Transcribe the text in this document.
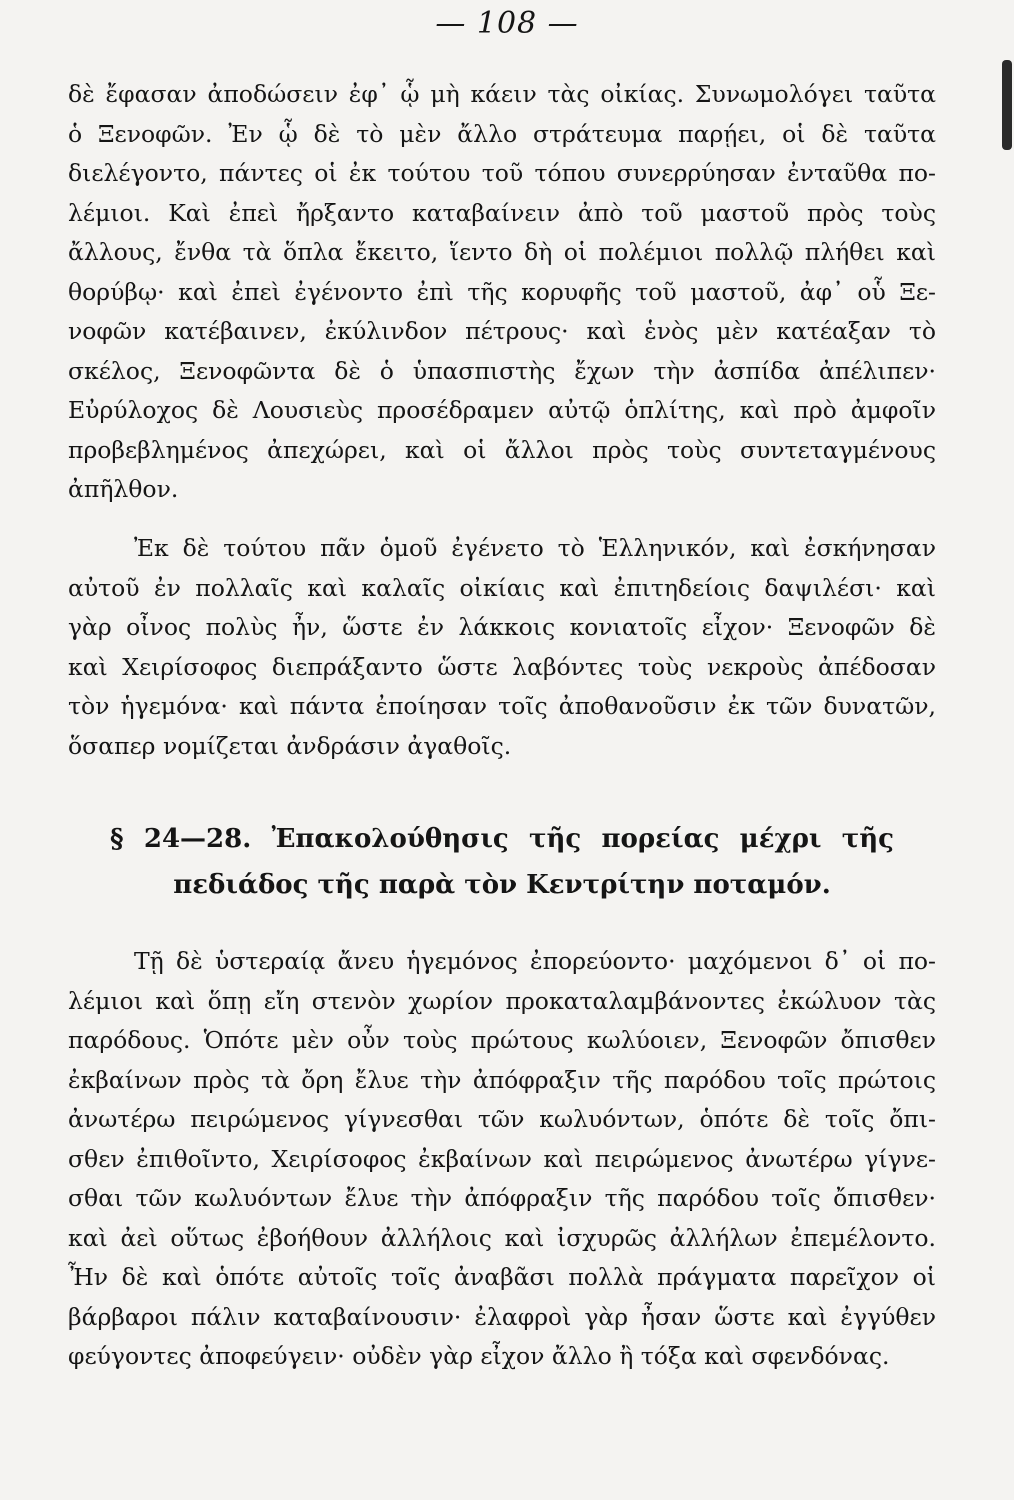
— 108 —
δὲ ἔφασαν ἀποδώσειν ἐφ᾽ ᾧ μὴ κάειν τὰς οἰκίας. Συνωμολόγει ταῦτα
ὁ Ξενοφῶν. Ἐν ᾧ δὲ τὸ μὲν ἄλλο στράτευμα παρῄει, οἱ δὲ ταῦτα
διελέγοντο, πάντες οἱ ἐκ τούτου τοῦ τόπου συνερρύησαν ἐνταῦθα πο-
λέμιοι. Καὶ ἐπεὶ ἤρξαντο καταβαίνειν ἀπὸ τοῦ μαστοῦ πρὸς τοὺς
ἄλλους, ἔνθα τὰ ὅπλα ἔκειτο, ἵεντο δὴ οἱ πολέμιοι πολλῷ πλήθει καὶ
θορύβῳ· καὶ ἐπεὶ ἐγένοντο ἐπὶ τῆς κορυφῆς τοῦ μαστοῦ, ἀφ᾽ οὗ Ξε-
νοφῶν κατέβαινεν, ἐκύλινδον πέτρους· καὶ ἑνὸς μὲν κατέαξαν τὸ
σκέλος, Ξενοφῶντα δὲ ὁ ὑπασπιστὴς ἔχων τὴν ἀσπίδα ἀπέλιπεν·
Εὐρύλοχος δὲ Λουσιεὺς προσέδραμεν αὐτῷ ὁπλίτης, καὶ πρὸ ἀμφοῖν
προβεβλημένος ἀπεχώρει, καὶ οἱ ἄλλοι πρὸς τοὺς συντεταγμένους
ἀπῆλθον.
Ἐκ δὲ τούτου πᾶν ὁμοῦ ἐγένετο τὸ Ἑλληνικόν, καὶ ἐσκήνησαν
αὐτοῦ ἐν πολλαῖς καὶ καλαῖς οἰκίαις καὶ ἐπιτηδείοις δαψιλέσι· καὶ
γὰρ οἶνος πολὺς ἦν, ὥστε ἐν λάκκοις κονιατοῖς εἶχον· Ξενοφῶν δὲ
καὶ Χειρίσοφος διεπράξαντο ὥστε λαβόντες τοὺς νεκροὺς ἀπέδοσαν
τὸν ἡγεμόνα· καὶ πάντα ἐποίησαν τοῖς ἀποθανοῦσιν ἐκ τῶν δυνατῶν,
ὅσαπερ νομίζεται ἀνδράσιν ἀγαθοῖς.
§ 24—28. Ἐπακολούθησις τῆς πορείας μέχρι τῆς
πεδιάδος τῆς παρὰ τὸν Κεντρίτην ποταμόν.
Τῇ δὲ ὑστεραίᾳ ἄνευ ἡγεμόνος ἐπορεύοντο· μαχόμενοι δ᾽ οἱ πο-
λέμιοι καὶ ὅπῃ εἴη στενὸν χωρίον προκαταλαμβάνοντες ἐκώλυον τὰς
παρόδους. Ὁπότε μὲν οὖν τοὺς πρώτους κωλύοιεν, Ξενοφῶν ὄπισθεν
ἐκβαίνων πρὸς τὰ ὄρη ἔλυε τὴν ἀπόφραξιν τῆς παρόδου τοῖς πρώτοις
ἀνωτέρω πειρώμενος γίγνεσθαι τῶν κωλυόντων, ὁπότε δὲ τοῖς ὄπι-
σθεν ἐπιθοῖντο, Χειρίσοφος ἐκβαίνων καὶ πειρώμενος ἀνωτέρω γίγνε-
σθαι τῶν κωλυόντων ἔλυε τὴν ἀπόφραξιν τῆς παρόδου τοῖς ὄπισθεν·
καὶ ἀεὶ οὕτως ἐβοήθουν ἀλλήλοις καὶ ἰσχυρῶς ἀλλήλων ἐπεμέλοντο.
Ἦν δὲ καὶ ὁπότε αὐτοῖς τοῖς ἀναβᾶσι πολλὰ πράγματα παρεῖχον οἱ
βάρβαροι πάλιν καταβαίνουσιν· ἐλαφροὶ γὰρ ἦσαν ὥστε καὶ ἐγγύθεν
φεύγοντες ἀποφεύγειν· οὐδὲν γὰρ εἶχον ἄλλο ἢ τόξα καὶ σφενδόνας.
